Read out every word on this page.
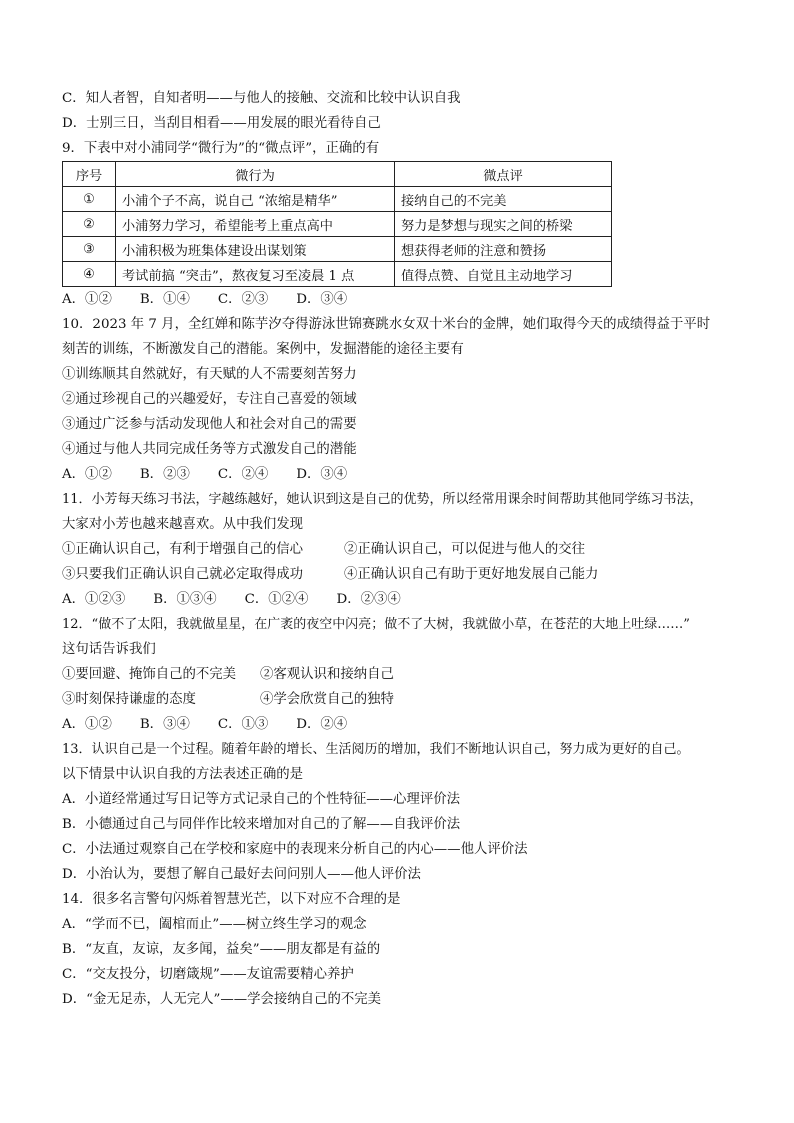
C．知人者智，自知者明——与他人的接触、交流和比较中认识自我
D．士别三日，当刮目相看——用发展的眼光看待自己
9．下表中对小浦同学“微行为”的“微点评”，正确的有
序号	微行为	微点评
①	小浦个子不高，说自己 “浓缩是精华”	接纳自己的不完美
②	小浦努力学习，希望能考上重点高中	努力是梦想与现实之间的桥梁
③	小浦积极为班集体建设出谋划策	想获得老师的注意和赞扬
④	考试前搞 “突击”，熬夜复习至凌晨 1 点	值得点赞、自觉且主动地学习
A．①② B．①④ C．②③ D．③④
10．2023 年 7 月，全红婵和陈芋汐夺得游泳世锦赛跳水女双十米台的金牌，她们取得今天的成绩得益于平时
刻苦的训练，不断激发自己的潜能。案例中，发掘潜能的途径主要有
①训练顺其自然就好，有天赋的人不需要刻苦努力
②通过珍视自己的兴趣爱好，专注自己喜爱的领域
③通过广泛参与活动发现他人和社会对自己的需要
④通过与他人共同完成任务等方式激发自己的潜能
A．①② B．②③ C．②④ D．③④
11．小芳每天练习书法，字越练越好，她认识到这是自己的优势，所以经常用课余时间帮助其他同学练习书法，
大家对小芳也越来越喜欢。从中我们发现
①正确认识自己，有利于增强自己的信心	②正确认识自己，可以促进与他人的交往
③只要我们正确认识自己就必定取得成功	④正确认识自己有助于更好地发展自己能力
A．①②③ B．①③④ C．①②④ D．②③④
12．“做不了太阳，我就做星星，在广袤的夜空中闪亮；做不了大树，我就做小草，在苍茫的大地上吐绿……”
这句话告诉我们
①要回避、掩饰自己的不完美	②客观认识和接纳自己
③时刻保持谦虚的态度	④学会欣赏自己的独特
A．①② B．③④ C．①③ D．②④
13．认识自己是一个过程。随着年龄的增长、生活阅历的增加，我们不断地认识自己，努力成为更好的自己。
以下情景中认识自我的方法表述正确的是
A．小道经常通过写日记等方式记录自己的个性特征——心理评价法
B．小德通过自己与同伴作比较来增加对自己的了解——自我评价法
C．小法通过观察自己在学校和家庭中的表现来分析自己的内心——他人评价法
D．小治认为，要想了解自己最好去问问别人——他人评价法
14．很多名言警句闪烁着智慧光芒，以下对应不合理的是
A．“学而不已，阖棺而止”——树立终生学习的观念
B．“友直，友谅，友多闻，益矣”——朋友都是有益的
C．“交友投分，切磨箴规”——友谊需要精心养护
D．“金无足赤，人无完人”——学会接纳自己的不完美
